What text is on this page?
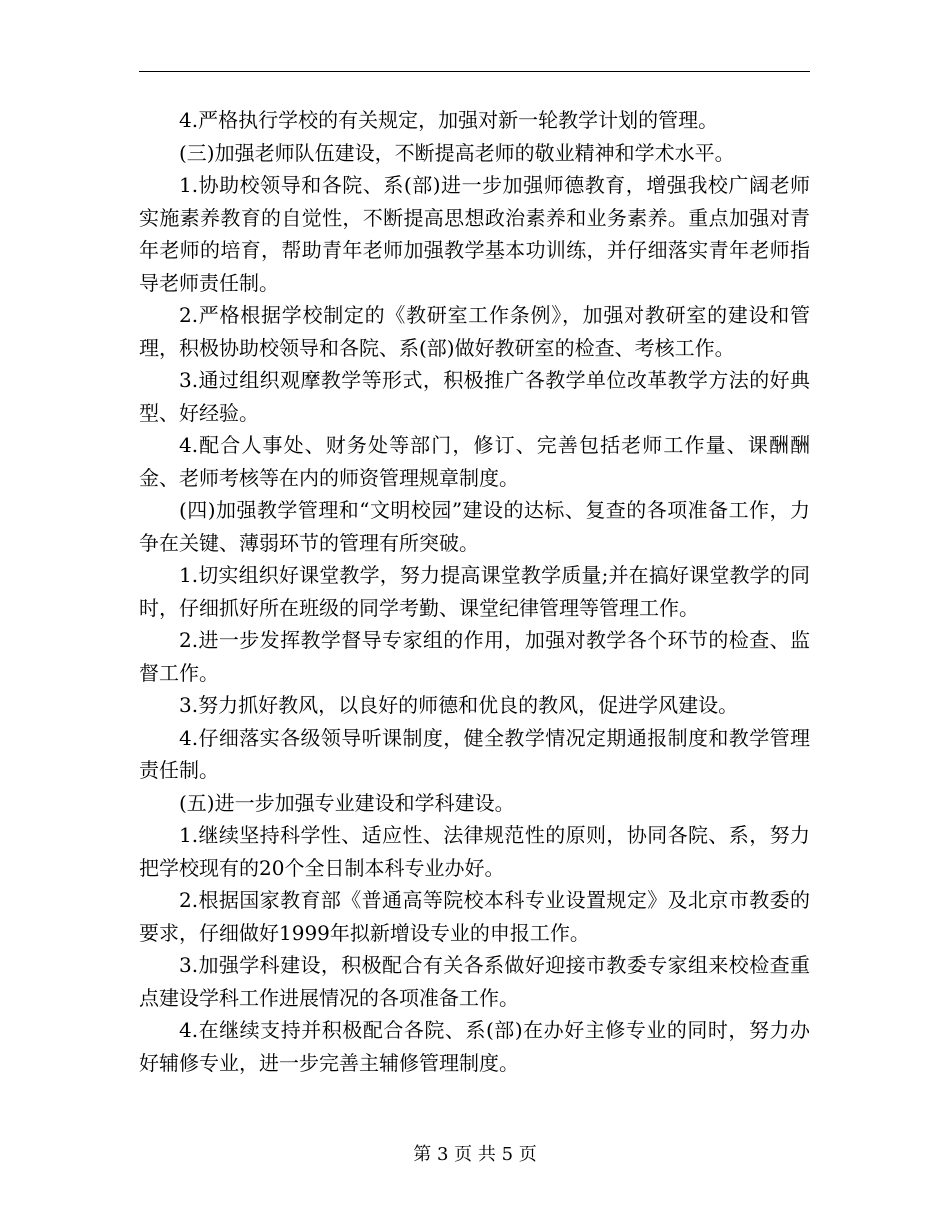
4.严格执行学校的有关规定，加强对新一轮教学计划的管理。

(三)加强老师队伍建设，不断提高老师的敬业精神和学术水平。

1.协助校领导和各院、系(部)进一步加强师德教育，增强我校广阔老师实施素养教育的自觉性，不断提高思想政治素养和业务素养。重点加强对青年老师的培育，帮助青年老师加强教学基本功训练，并仔细落实青年老师指导老师责任制。

2.严格根据学校制定的《教研室工作条例》，加强对教研室的建设和管理，积极协助校领导和各院、系(部)做好教研室的检查、考核工作。

3.通过组织观摩教学等形式，积极推广各教学单位改革教学方法的好典型、好经验。

4.配合人事处、财务处等部门，修订、完善包括老师工作量、课酬酬金、老师考核等在内的师资管理规章制度。

(四)加强教学管理和“文明校园”建设的达标、复查的各项准备工作，力争在关键、薄弱环节的管理有所突破。

1.切实组织好课堂教学，努力提高课堂教学质量;并在搞好课堂教学的同时，仔细抓好所在班级的同学考勤、课堂纪律管理等管理工作。

2.进一步发挥教学督导专家组的作用，加强对教学各个环节的检查、监督工作。

3.努力抓好教风，以良好的师德和优良的教风，促进学风建设。

4.仔细落实各级领导听课制度，健全教学情况定期通报制度和教学管理责任制。

(五)进一步加强专业建设和学科建设。

1.继续坚持科学性、适应性、法律规范性的原则，协同各院、系，努力把学校现有的20个全日制本科专业办好。

2.根据国家教育部《普通高等院校本科专业设置规定》及北京市教委的要求，仔细做好1999年拟新增设专业的申报工作。

3.加强学科建设，积极配合有关各系做好迎接市教委专家组来校检查重点建设学科工作进展情况的各项准备工作。

4.在继续支持并积极配合各院、系(部)在办好主修专业的同时，努力办好辅修专业，进一步完善主辅修管理制度。

第 3 页 共 5 页
